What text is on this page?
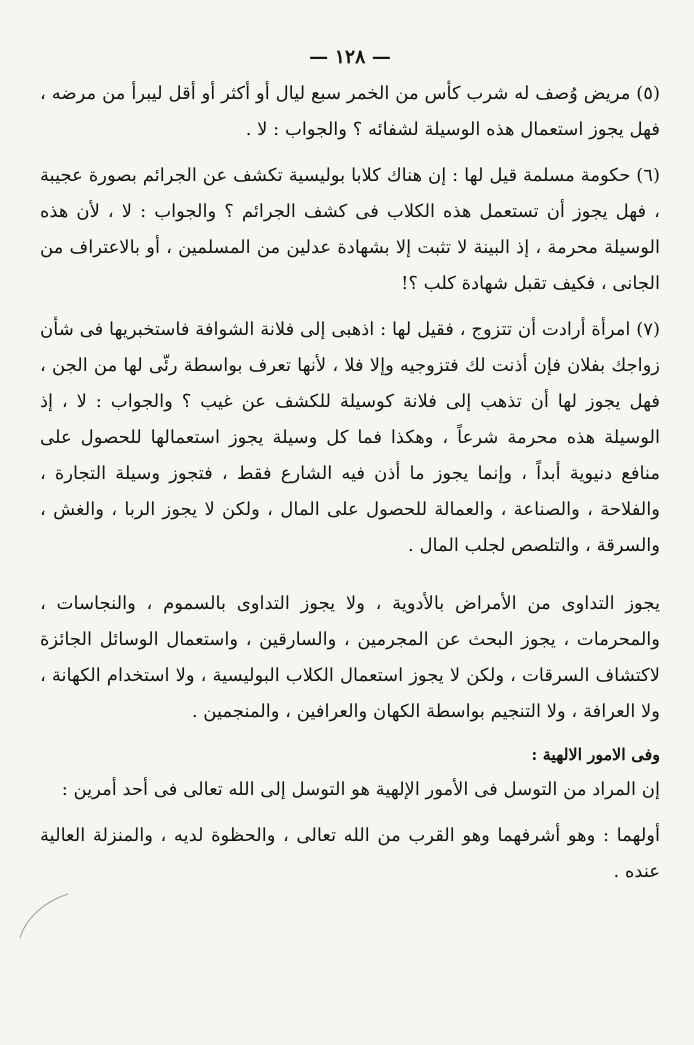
— ١٢٨ —

(٥) مريض وُصف له شرب كأس من الخمر سبع ليال أو أكثر أو أقل ليبرأ من مرضه ، فهل يجوز استعمال هذه الوسيلة لشفائه ؟ والجواب : لا .

(٦) حكومة مسلمة قيل لها : إن هناك كلابا بوليسية تكشف عن الجرائم بصورة عجيبة ، فهل يجوز أن تستعمل هذه الكلاب فى كشف الجرائم ؟ والجواب : لا ، لأن هذه الوسيلة محرمة ، إذ البينة لا تثبت إلا بشهادة عدلين من المسلمين ، أو بالاعتراف من الجانى ، فكيف تقبل شهادة كلب ؟!

(٧) امرأة أرادت أن تتزوج ، فقيل لها : اذهبى إلى فلانة الشوافة فاستخبريها فى شأن زواجك بفلان فإن أذنت لك فتزوجيه وإلا فلا ، لأنها تعرف بواسطة رئّى لها من الجن ، فهل يجوز لها أن تذهب إلى فلانة كوسيلة للكشف عن غيب ؟ والجواب : لا ، إذ الوسيلة هذه محرمة شرعاً ، وهكذا فما كل وسيلة يجوز استعمالها للحصول على منافع دنيوية أبداً ، وإنما يجوز ما أذن فيه الشارع فقط ، فتجوز وسيلة التجارة ، والفلاحة ، والصناعة ، والعمالة للحصول على المال ، ولكن لا يجوز الربا ، والغش ، والسرقة ، والتلصص لجلب المال .

يجوز التداوى من الأمراض بالأدوية ، ولا يجوز التداوى بالسموم ، والنجاسات ، والمحرمات ، يجوز البحث عن المجرمين ، والسارقين ، واستعمال الوسائل الجائزة لاكتشاف السرقات ، ولكن لا يجوز استعمال الكلاب البوليسية ، ولا استخدام الكهانة ، ولا العرافة ، ولا التنجيم بواسطة الكهان والعرافين ، والمنجمين .

وفى الامور الالهية :

إن المراد من التوسل فى الأمور الإلهية هو التوسل إلى الله تعالى فى أحد أمرين :

أولهما : وهو أشرفهما وهو القرب من الله تعالى ، والحظوة لديه ، والمنزلة العالية عنده .
